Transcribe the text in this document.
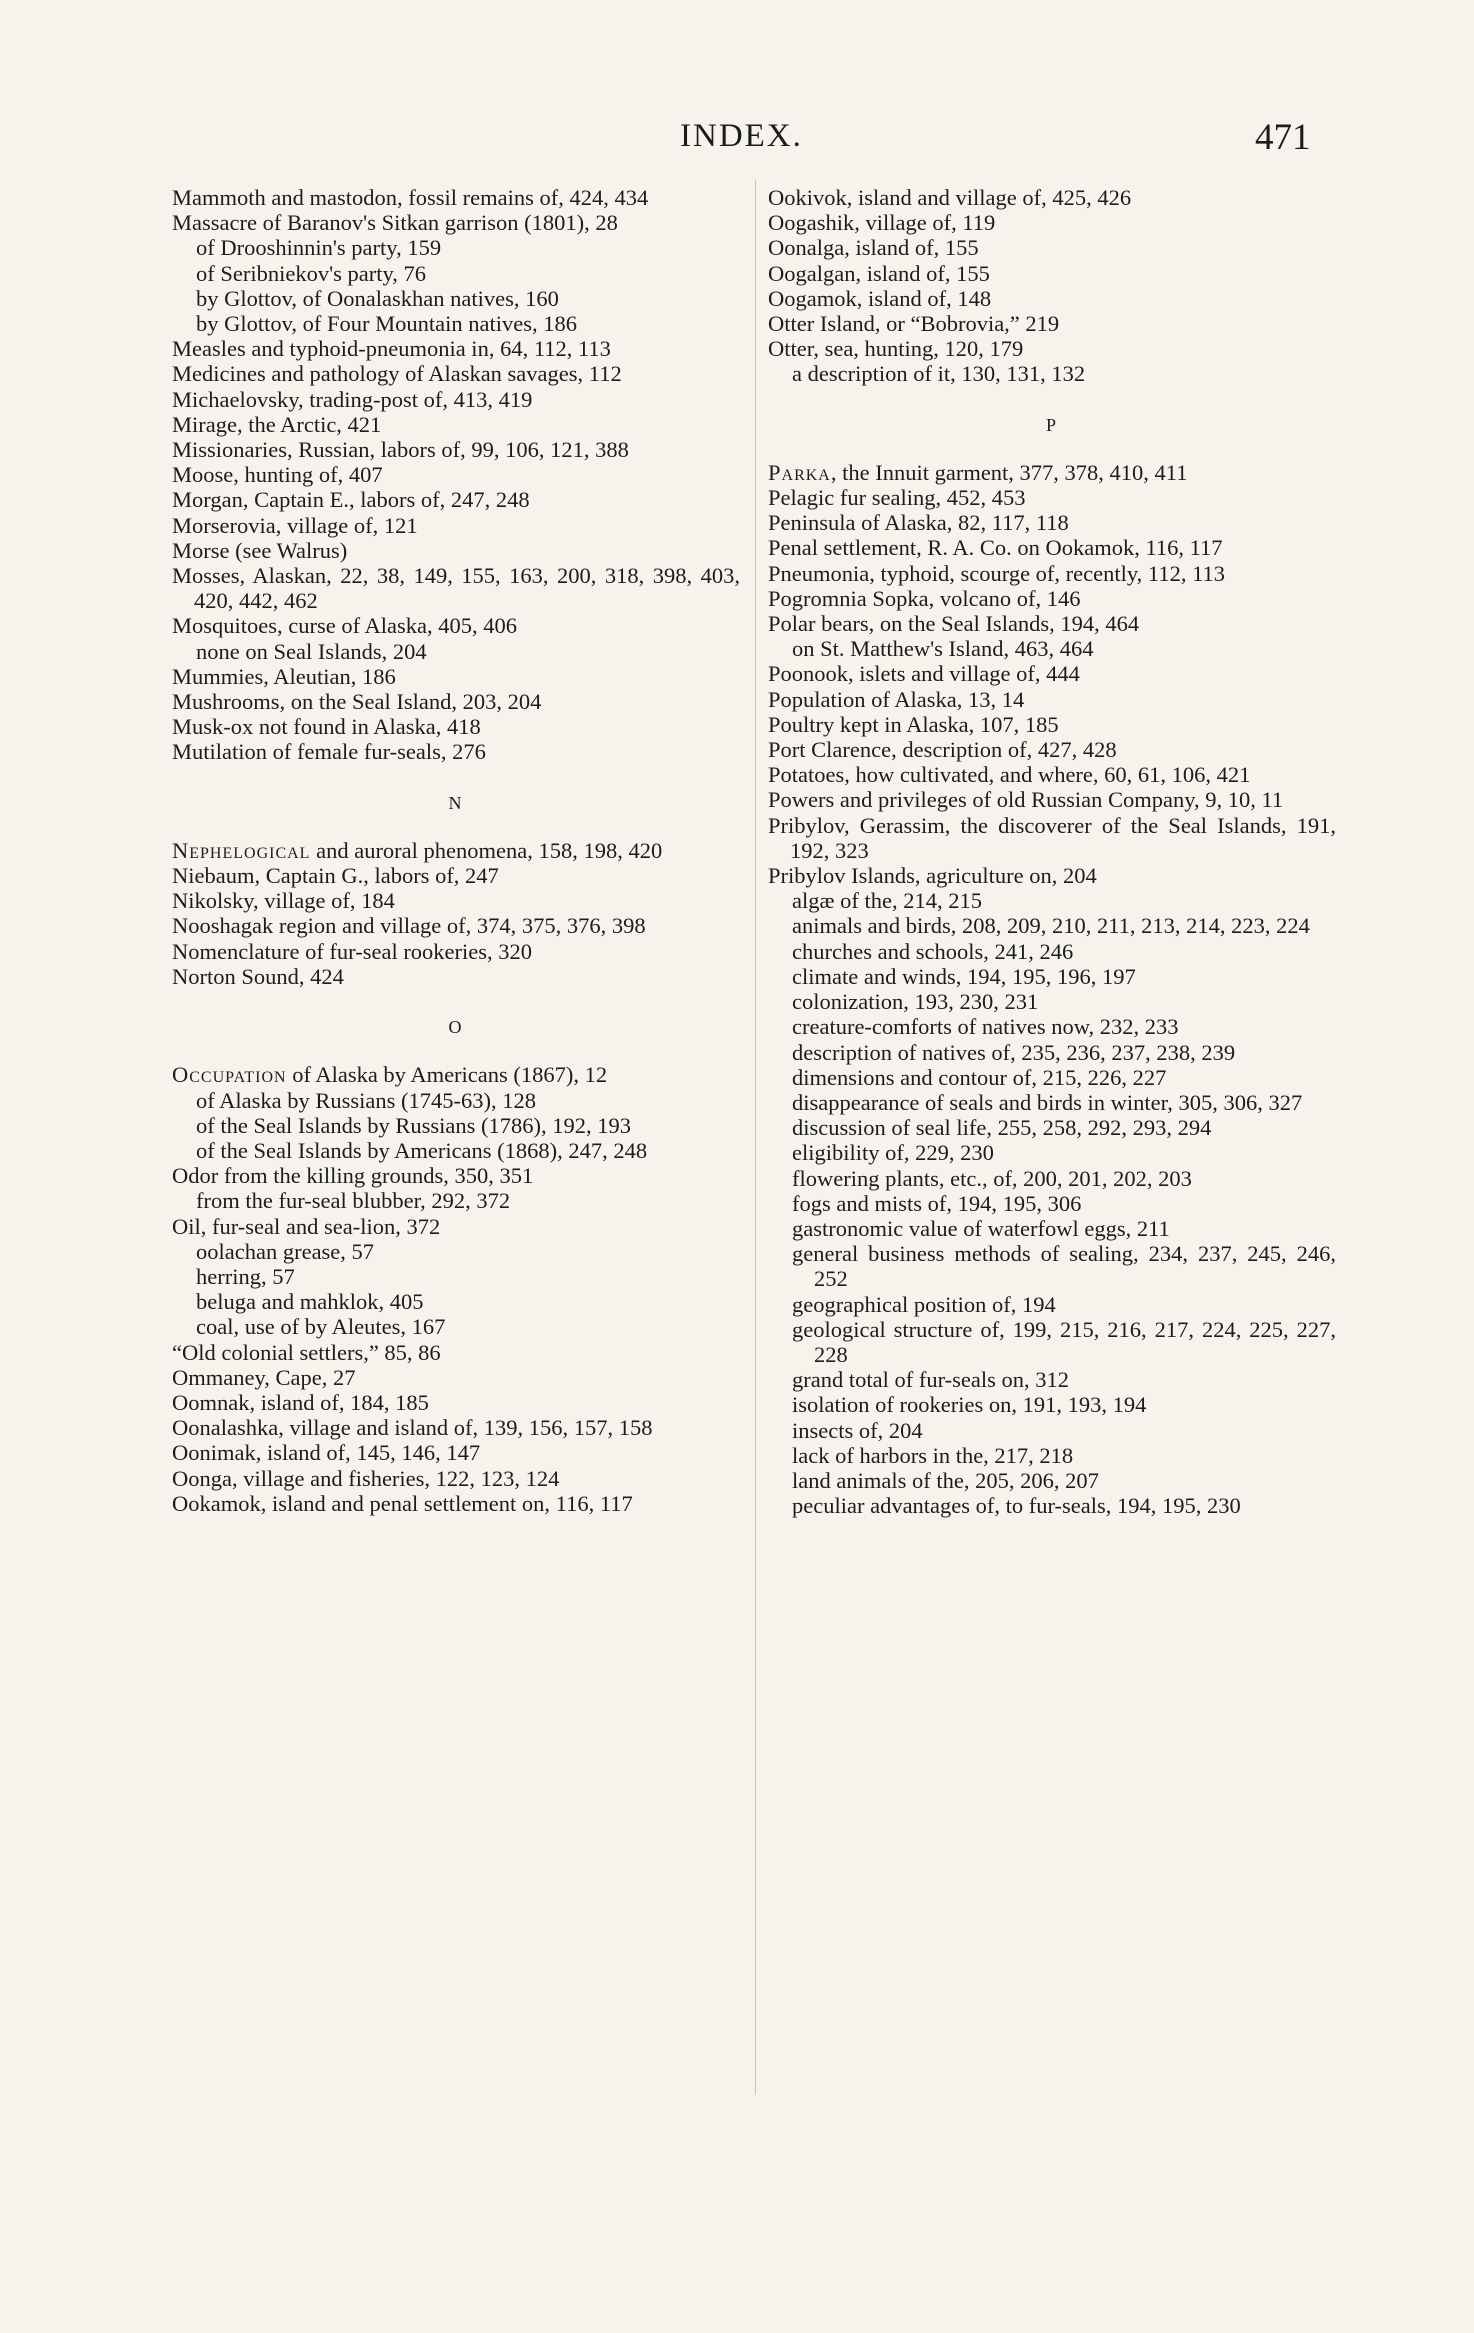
INDEX.	471

Mammoth and mastodon, fossil remains of, 424, 434

Massacre of Baranov's Sitkan garrison (1801), 28

of Drooshinnin's party, 159

of Seribniekov's party, 76

by Glottov, of Oonalaskhan natives, 160

by Glottov, of Four Mountain natives, 186

Measles and typhoid-pneumonia in, 64, 112, 113

Medicines and pathology of Alaskan savages, 112

Michaelovsky, trading-post of, 413, 419

Mirage, the Arctic, 421

Missionaries, Russian, labors of, 99, 106, 121, 388

Moose, hunting of, 407

Morgan, Captain E., labors of, 247, 248

Morserovia, village of, 121

Morse (see Walrus)

Mosses, Alaskan, 22, 38, 149, 155, 163, 200, 318, 398, 403, 420, 442, 462

Mosquitoes, curse of Alaska, 405, 406

none on Seal Islands, 204

Mummies, Aleutian, 186

Mushrooms, on the Seal Island, 203, 204

Musk-ox not found in Alaska, 418

Mutilation of female fur-seals, 276

N

Nephelogical and auroral phenomena, 158, 198, 420

Niebaum, Captain G., labors of, 247

Nikolsky, village of, 184

Nooshagak region and village of, 374, 375, 376, 398

Nomenclature of fur-seal rookeries, 320

Norton Sound, 424

O

Occupation of Alaska by Americans (1867), 12

of Alaska by Russians (1745-63), 128

of the Seal Islands by Russians (1786), 192, 193

of the Seal Islands by Americans (1868), 247, 248

Odor from the killing grounds, 350, 351

from the fur-seal blubber, 292, 372

Oil, fur-seal and sea-lion, 372

oolachan grease, 57

herring, 57

beluga and mahklok, 405

coal, use of by Aleutes, 167

“Old colonial settlers,” 85, 86

Ommaney, Cape, 27

Oomnak, island of, 184, 185

Oonalashka, village and island of, 139, 156, 157, 158

Oonimak, island of, 145, 146, 147

Oonga, village and fisheries, 122, 123, 124

Ookamok, island and penal settlement on, 116, 117

Ookivok, island and village of, 425, 426

Oogashik, village of, 119

Oonalga, island of, 155

Oogalgan, island of, 155

Oogamok, island of, 148

Otter Island, or “Bobrovia,” 219

Otter, sea, hunting, 120, 179

a description of it, 130, 131, 132

P

Parka, the Innuit garment, 377, 378, 410, 411

Pelagic fur sealing, 452, 453

Peninsula of Alaska, 82, 117, 118

Penal settlement, R. A. Co. on Ookamok, 116, 117

Pneumonia, typhoid, scourge of, recently, 112, 113

Pogromnia Sopka, volcano of, 146

Polar bears, on the Seal Islands, 194, 464

on St. Matthew's Island, 463, 464

Poonook, islets and village of, 444

Population of Alaska, 13, 14

Poultry kept in Alaska, 107, 185

Port Clarence, description of, 427, 428

Potatoes, how cultivated, and where, 60, 61, 106, 421

Powers and privileges of old Russian Company, 9, 10, 11

Pribylov, Gerassim, the discoverer of the Seal Islands, 191, 192, 323

Pribylov Islands, agriculture on, 204

algæ of the, 214, 215

animals and birds, 208, 209, 210, 211, 213, 214, 223, 224

churches and schools, 241, 246

climate and winds, 194, 195, 196, 197

colonization, 193, 230, 231

creature-comforts of natives now, 232, 233

description of natives of, 235, 236, 237, 238, 239

dimensions and contour of, 215, 226, 227

disappearance of seals and birds in winter, 305, 306, 327

discussion of seal life, 255, 258, 292, 293, 294

eligibility of, 229, 230

flowering plants, etc., of, 200, 201, 202, 203

fogs and mists of, 194, 195, 306

gastronomic value of waterfowl eggs, 211

general business methods of sealing, 234, 237, 245, 246, 252

geographical position of, 194

geological structure of, 199, 215, 216, 217, 224, 225, 227, 228

grand total of fur-seals on, 312

isolation of rookeries on, 191, 193, 194

insects of, 204

lack of harbors in the, 217, 218

land animals of the, 205, 206, 207

peculiar advantages of, to fur-seals, 194, 195, 230
